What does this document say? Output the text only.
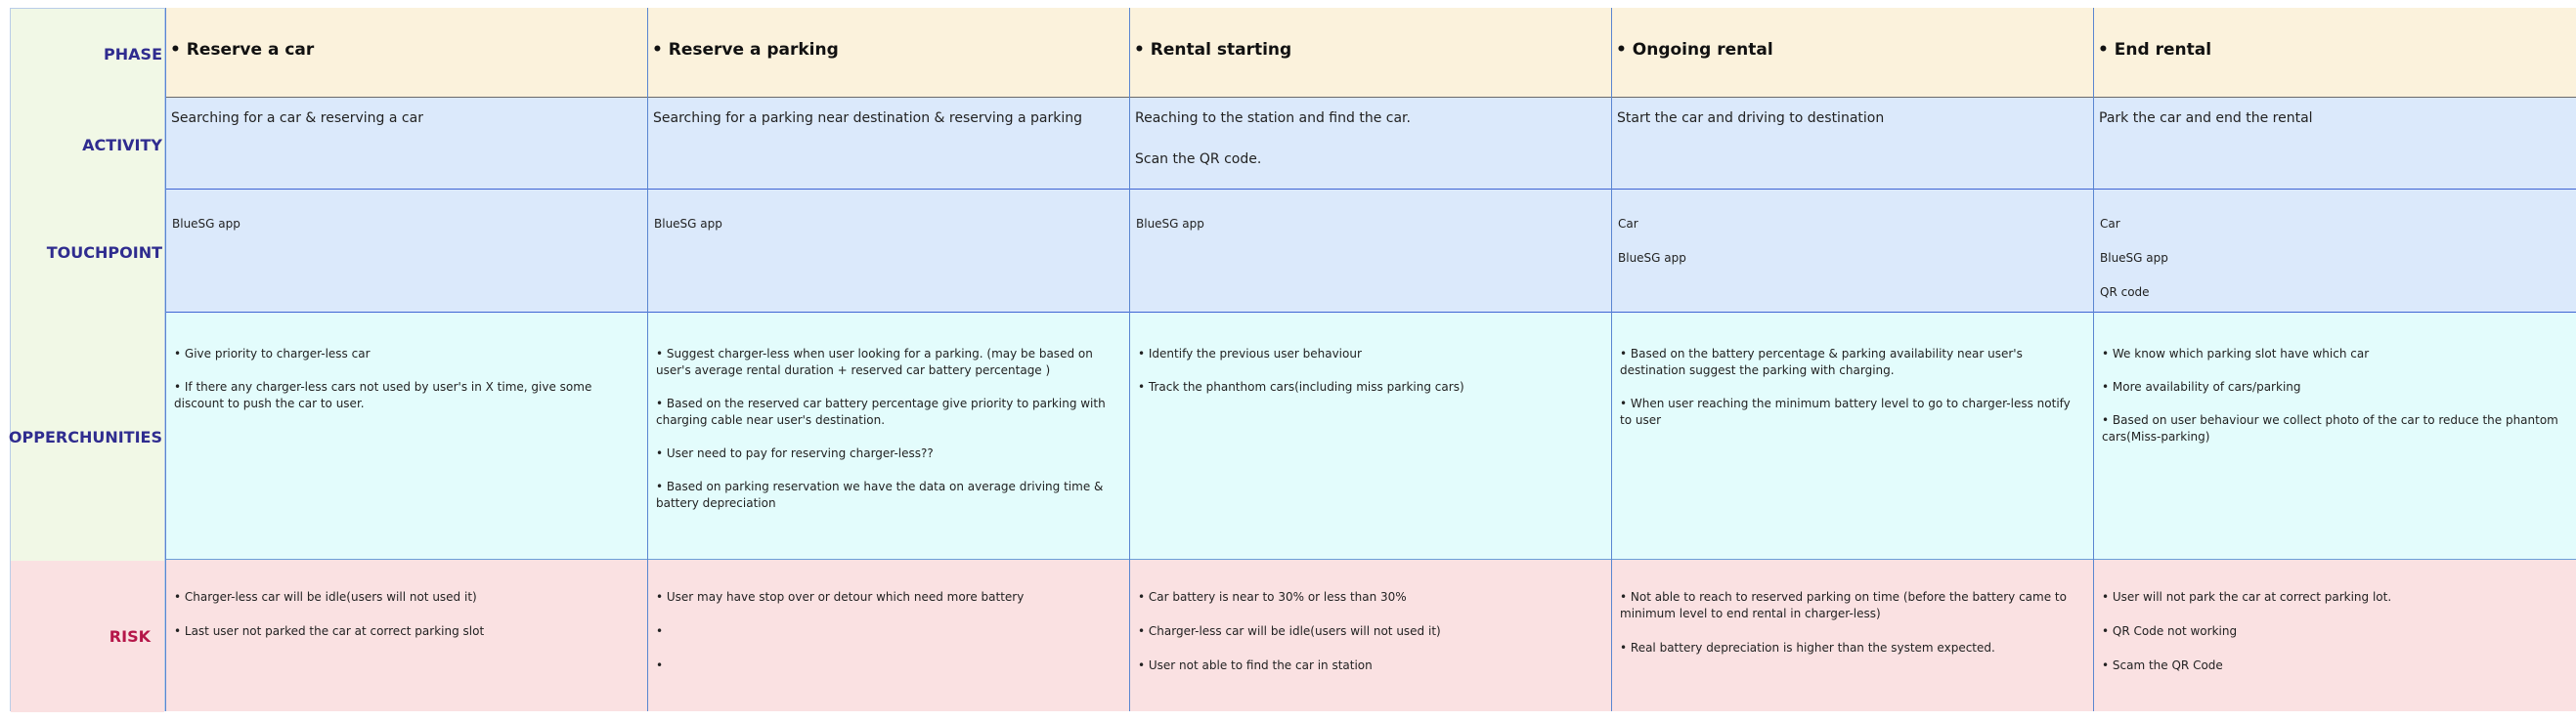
PHASE
ACTIVITY
TOUCHPOINT
OPPERCHUNITIES
RISK
• Reserve a car

Searching for a car & reserving a car

BlueSG app
• Give priority to charger-less car
• If there any charger-less cars not used by user's in X time, give some discount to push the car to user.
• Charger-less car will be idle(users will not used it)
• Last user not parked the car at correct parking slot
• Reserve a parking

Searching for a parking near destination & reserving a parking

BlueSG app
• Suggest charger-less when user looking for a parking. (may be based on user's average rental duration + reserved car battery percentage )
• Based on the reserved car battery percentage give priority to parking with charging cable near user's destination.
• User need to pay for reserving charger-less??
• Based on parking reservation we have the data on average driving time & battery depreciation
• User may have stop over or detour which need more battery
•
•
• Rental starting

Reaching to the station and find the car.

Scan the QR code.

BlueSG app
• Identify the previous user behaviour
• Track the phanthom cars(including miss parking cars)
• Car battery is near to 30% or less than 30%
• Charger-less car will be idle(users will not used it)
• User not able to find the car in station
• Ongoing rental

Start the car and driving to destination

Car
BlueSG app
• Based on the battery percentage & parking availability near user's destination suggest the parking with charging.
• When user reaching the minimum battery level to go to charger-less notify to user
• Not able to reach to reserved parking on time (before the battery came to minimum level to end rental in charger-less)
• Real battery depreciation is higher than the system expected.
• End rental

Park the car and end the rental

Car
BlueSG app
QR code
• We know which parking slot have which car
• More availability of cars/parking
• Based on user behaviour we collect photo of the car to reduce the phantom cars(Miss-parking)
• User will not park the car at correct parking lot.
• QR Code not working
• Scam the QR Code
